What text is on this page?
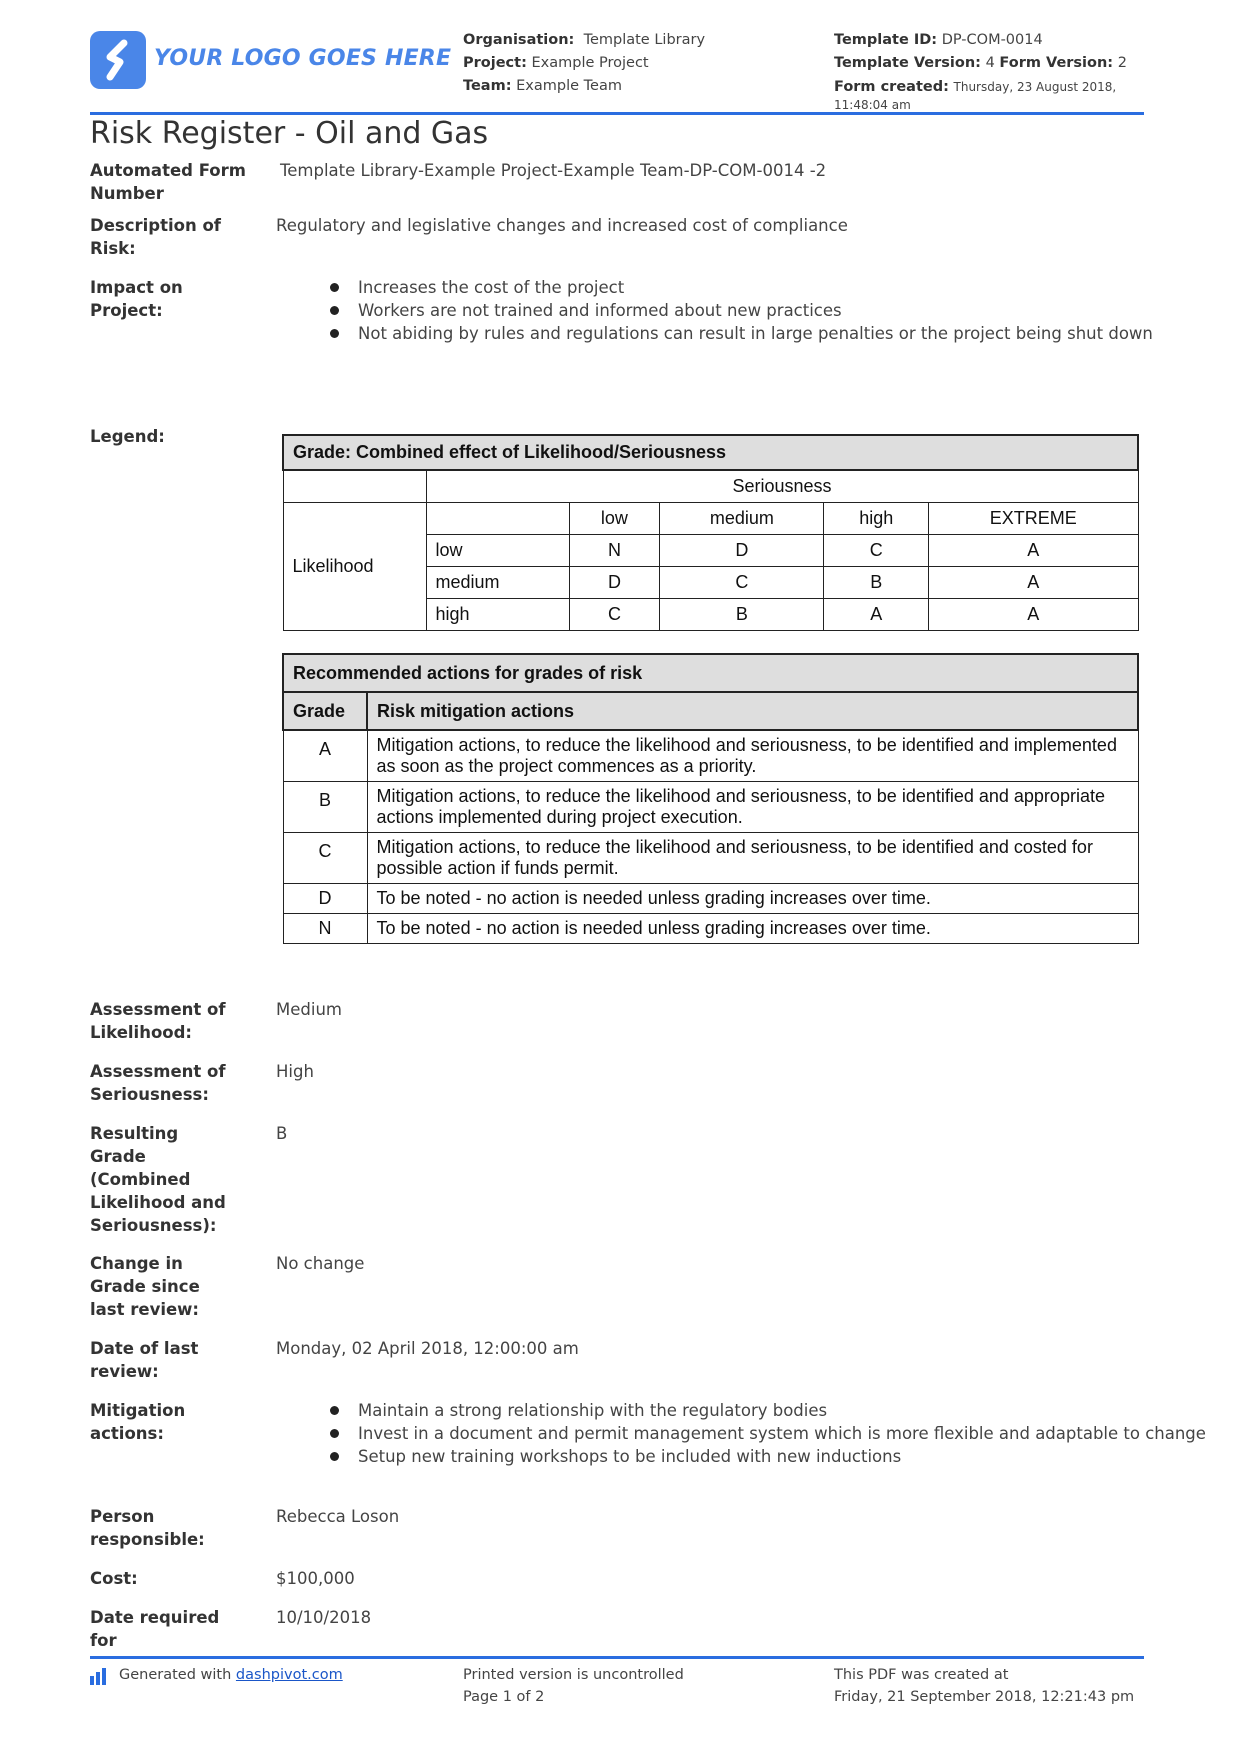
YOUR LOGO GOES HERE
Organisation: Template Library
Project: Example Project
Team: Example Team
Template ID: DP-COM-0014
Template Version: 4 Form Version: 2
Form created: Thursday, 23 August 2018, 11:48:04 am
Risk Register - Oil and Gas
Automated Form Number
Template Library-Example Project-Example Team-DP-COM-0014 -2
Description of Risk:
Regulatory and legislative changes and increased cost of compliance
Impact on Project:
Increases the cost of the project
Workers are not trained and informed about new practices
Not abiding by rules and regulations can result in large penalties or the project being shut down
Legend:
Grade: Combined effect of Likelihood/Seriousness					
	Seriousness				
Likelihood		low	medium	high	EXTREME
	low	N	D	C	A
	medium	D	C	B	A
	high	C	B	A	A
Recommended actions for grades of risk	
Grade	Risk mitigation actions
A	Mitigation actions, to reduce the likelihood and seriousness, to be identified and implemented as soon as the project commences as a priority.
B	Mitigation actions, to reduce the likelihood and seriousness, to be identified and appropriate actions implemented during project execution.
C	Mitigation actions, to reduce the likelihood and seriousness, to be identified and costed for possible action if funds permit.
D	To be noted - no action is needed unless grading increases over time.
N	To be noted - no action is needed unless grading increases over time.
Assessment of Likelihood:
Medium
Assessment of Seriousness:
High
Resulting Grade (Combined Likelihood and Seriousness):
B
Change in Grade since last review:
No change
Date of last review:
Monday, 02 April 2018, 12:00:00 am
Mitigation actions:
Maintain a strong relationship with the regulatory bodies
Invest in a document and permit management system which is more flexible and adaptable to change
Setup new training workshops to be included with new inductions
Person responsible:
Rebecca Loson
Cost:	$100,000
Date required for
10/10/2018
Generated with dashpivot.com	Printed version is uncontrolled
Page 1 of 2
This PDF was created at
Friday, 21 September 2018, 12:21:43 pm
